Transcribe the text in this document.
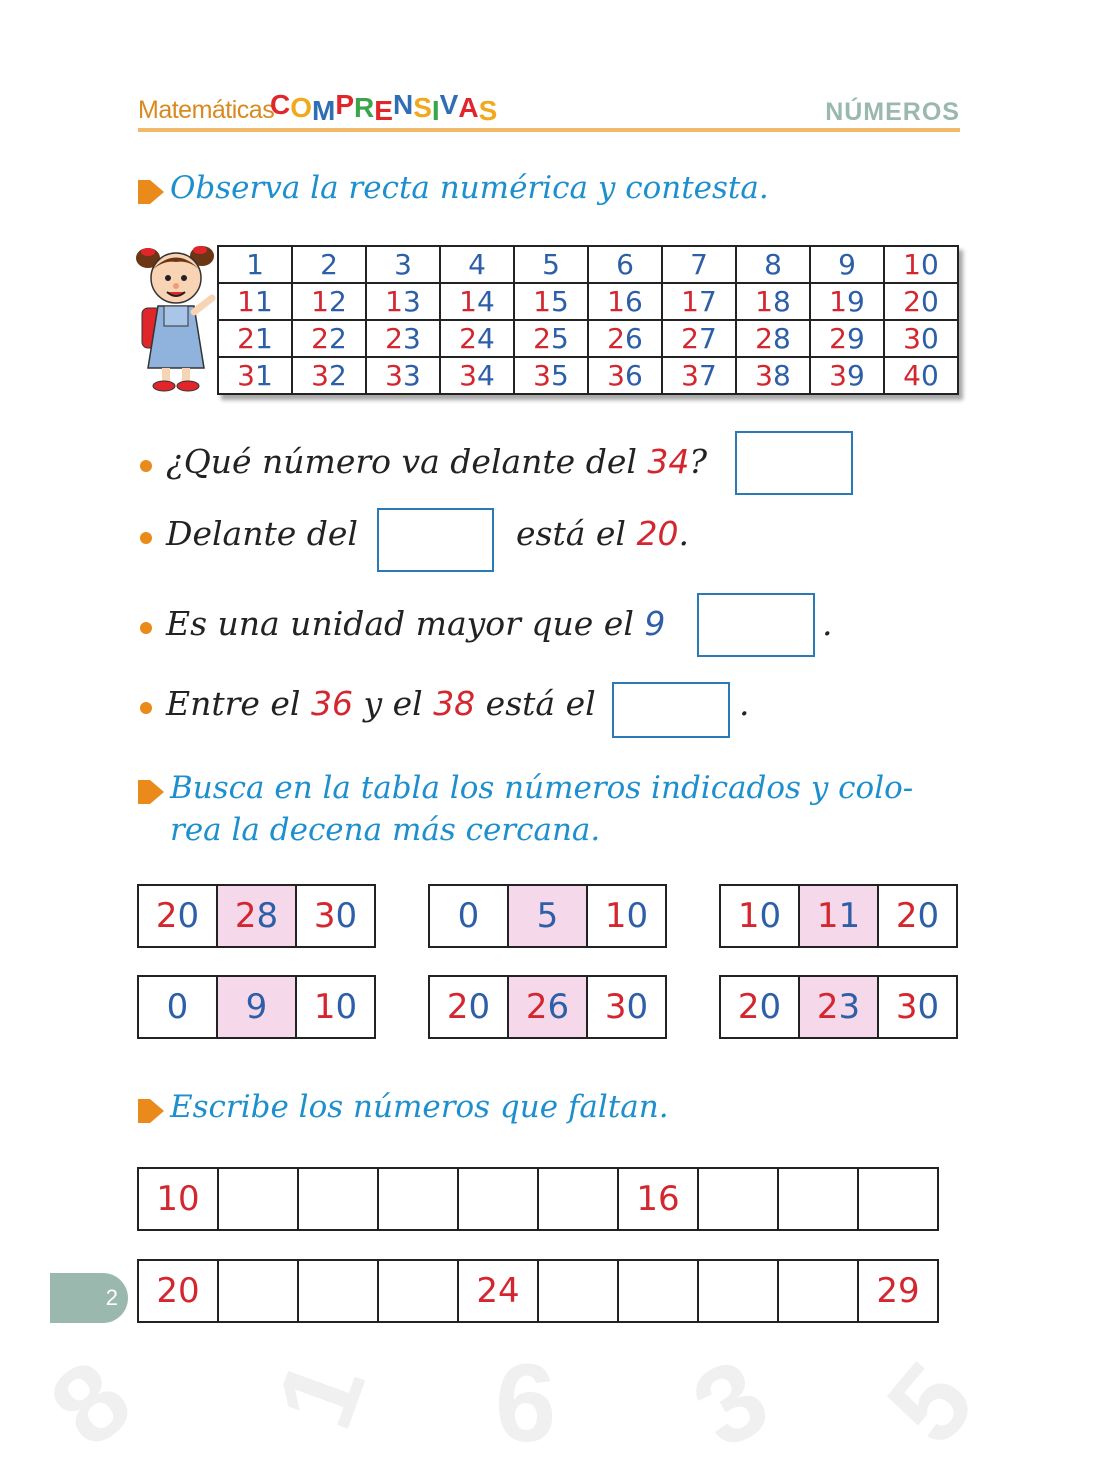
Matemáticas
COMPRENSIVAS	NÚMEROS
Observa la recta numérica y contesta.
1	2	3	4	5	6	7	8	9	10
11	12	13	14	15	16	17	18	19	20
21	22	23	24	25	26	27	28	29	30
31	32	33	34	35	36	37	38	39	40
¿Qué número va delante del 34?
Delante del	está el 20.
Es una unidad mayor que el 9	.
Entre el 36 y el 38 está el	.
Busca en la tabla los números indicados y colo-
rea la decena más cercana.
20	28	30	0	5	10	10	11	20
0	9	10	20	26	30	20	23	30
Escribe los números que faltan.
10						16			
20				24					29
2
8 1 6 3 5
